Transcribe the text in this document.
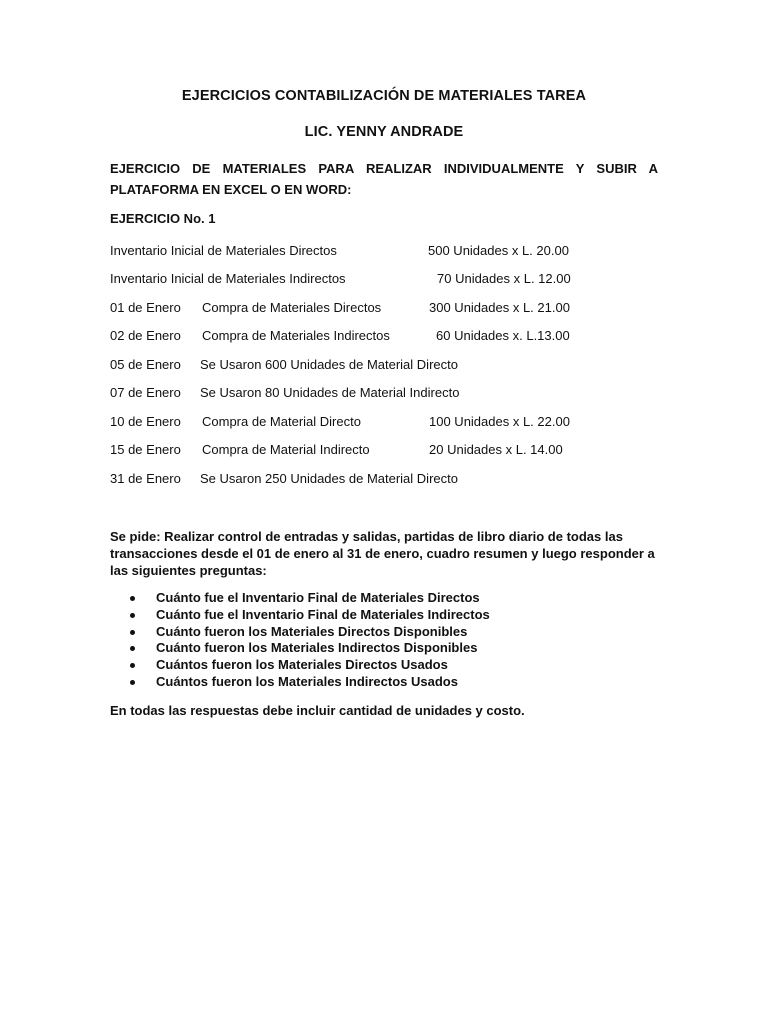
EJERCICIOS CONTABILIZACIÓN DE MATERIALES TAREA
LIC. YENNY ANDRADE
EJERCICIO DE MATERIALES PARA REALIZAR INDIVIDUALMENTE Y SUBIR A PLATAFORMA EN EXCEL O EN WORD:
EJERCICIO No. 1
Inventario Inicial de Materiales Directos	500 Unidades x L. 20.00
Inventario Inicial de Materiales Indirectos	70 Unidades x L. 12.00
01 de Enero Compra de Materiales Directos	300 Unidades x L. 21.00
02 de Enero Compra de Materiales Indirectos	60 Unidades x. L.13.00
05 de Enero Se Usaron 600 Unidades de Material Directo
07 de Enero Se Usaron 80 Unidades de Material Indirecto
10 de Enero Compra de Material Directo	100 Unidades x L. 22.00
15 de Enero Compra de Material Indirecto	20 Unidades x L. 14.00
31 de Enero Se Usaron 250 Unidades de Material Directo
Se pide: Realizar control de entradas y salidas, partidas de libro diario de todas las transacciones desde el 01 de enero al 31 de enero, cuadro resumen y luego responder a las siguientes preguntas:
Cuánto fue el Inventario Final de Materiales Directos
Cuánto fue el Inventario Final de Materiales Indirectos
Cuánto fueron los Materiales Directos Disponibles
Cuánto fueron los Materiales Indirectos Disponibles
Cuántos fueron los Materiales Directos Usados
Cuántos fueron los Materiales Indirectos Usados
En todas las respuestas debe incluir cantidad de unidades y costo.
